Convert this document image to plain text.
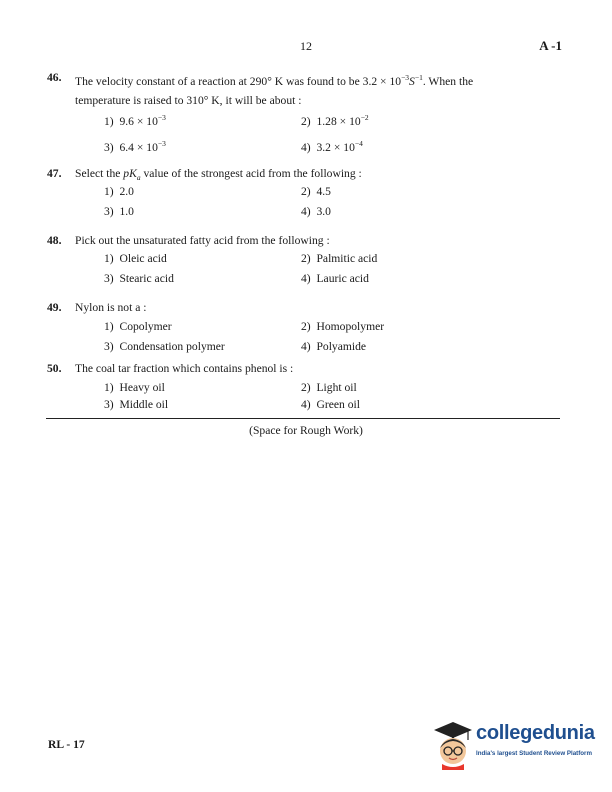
12	A -1
46. The velocity constant of a reaction at 290° K was found to be $3.2 \times 10^{-3}S^{-1}$. When the
temperature is raised to 310° K, it will be about :
1) $9.6 \times 10^{-3}$	2) $1.28 \times 10^{-2}$
3) $6.4 \times 10^{-3}$	4) $3.2 \times 10^{-4}$
47. Select the $pK_a$ value of the strongest acid from the following :
1) 2.0	2) 4.5
3) 1.0	4) 3.0
48. Pick out the unsaturated fatty acid from the following :
1) Oleic acid	2) Palmitic acid
3) Stearic acid	4) Lauric acid
49. Nylon is not a :
1) Copolymer	2) Homopolymer
3) Condensation polymer	4) Polyamide
50. The coal tar fraction which contains phenol is :
1) Heavy oil	2) Light oil
3) Middle oil	4) Green oil
(Space for Rough Work)
RL - 17
collegedunia
India's largest Student Review Platform
